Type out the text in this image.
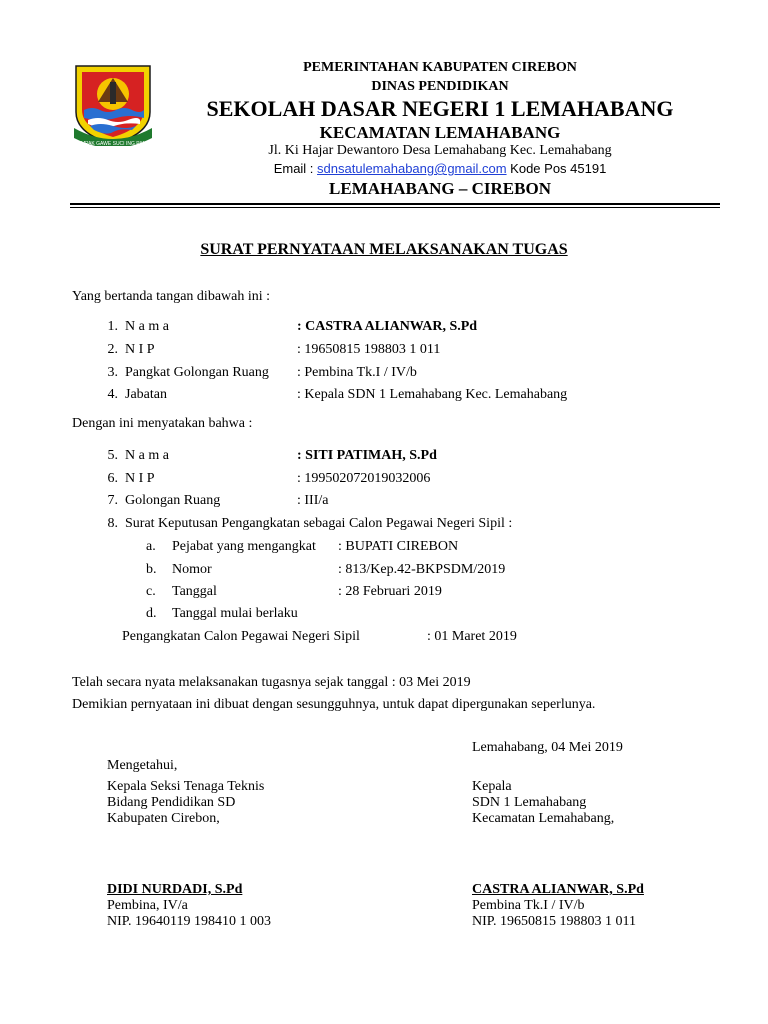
RAMPAK GAWE SUCI ING PAMRIH
PEMERINTAHAN KABUPATEN CIREBON
DINAS PENDIDIKAN
SEKOLAH DASAR NEGERI 1 LEMAHABANG
KECAMATAN LEMAHABANG
Jl. Ki Hajar Dewantoro Desa Lemahabang Kec. Lemahabang
Email : sdnsatulemahabang@gmail.com Kode Pos 45191
LEMAHABANG – CIREBON
SURAT PERNYATAAN MELAKSANAKAN TUGAS
Yang bertanda tangan dibawah ini :
1. N a m a	: CASTRA ALIANWAR, S.Pd
2. N I P	: 19650815 198803 1 011
3. Pangkat Golongan Ruang : Pembina Tk.I / IV/b
4. Jabatan	: Kepala SDN 1 Lemahabang Kec. Lemahabang
Dengan ini menyatakan bahwa :
5. N a m a	: SITI PATIMAH, S.Pd
6. N I P	: 199502072019032006
7. Golongan Ruang	: III/a
8. Surat Keputusan Pengangkatan sebagai Calon Pegawai Negeri Sipil :
a. Pejabat yang mengangkat : BUPATI CIREBON
b. Nomor	: 813/Kep.42-BKPSDM/2019
c. Tanggal	: 28 Februari 2019
d. Tanggal mulai berlaku
Pengangkatan Calon Pegawai Negeri Sipil	: 01 Maret 2019
Telah secara nyata melaksanakan tugasnya sejak tanggal : 03 Mei 2019
Demikian pernyataan ini dibuat dengan sesungguhnya, untuk dapat dipergunakan seperlunya.
Lemahabang, 04 Mei 2019
Mengetahui,
Kepala Seksi Tenaga Teknis
Bidang Pendidikan SD
Kabupaten Cirebon,
DIDI NURDADI, S.Pd
Pembina, IV/a
NIP. 19640119 198410 1 003
Kepala
SDN 1 Lemahabang
Kecamatan Lemahabang,
CASTRA ALIANWAR, S.Pd
Pembina Tk.I / IV/b
NIP. 19650815 198803 1 011
